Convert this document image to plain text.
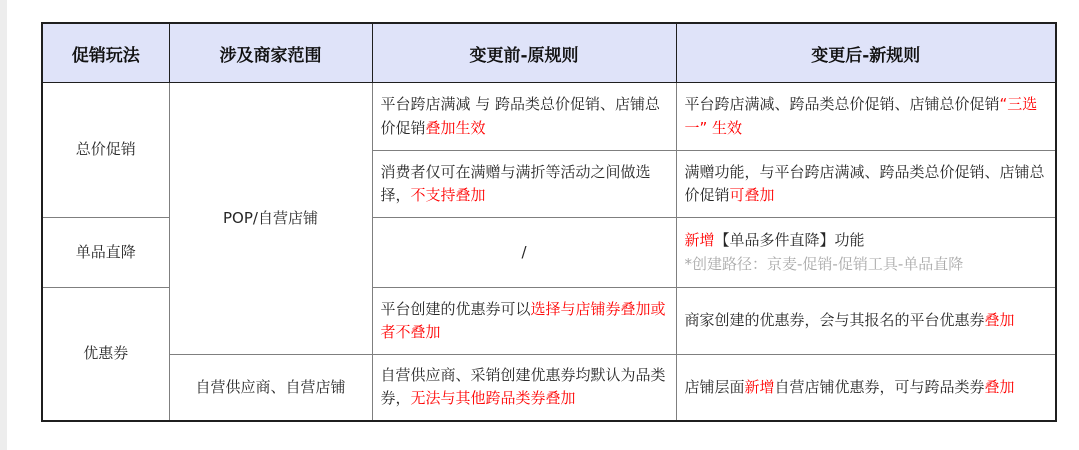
促销玩法	涉及商家范围	变更前-原规则	变更后-新规则
总价促销	POP/自营店铺	平台跨店满减 与 跨品类总价促销、店铺总价促销叠加生效	平台跨店满减、跨品类总价促销、店铺总价促销“三选一” 生效
		消费者仅可在满赠与满折等活动之间做选择，不支持叠加	满赠功能，与平台跨店满减、跨品类总价促销、店铺总价促销可叠加
单品直降		/	新增【单品多件直降】功能
*创建路径：京麦-促销-促销工具-单品直降
优惠券		平台创建的优惠券可以选择与店铺券叠加或者不叠加	商家创建的优惠券，会与其报名的平台优惠券叠加
	自营供应商、自营店铺	自营供应商、采销创建优惠券均默认为品类券，无法与其他跨品类券叠加	店铺层面新增自营店铺优惠券，可与跨品类券叠加
